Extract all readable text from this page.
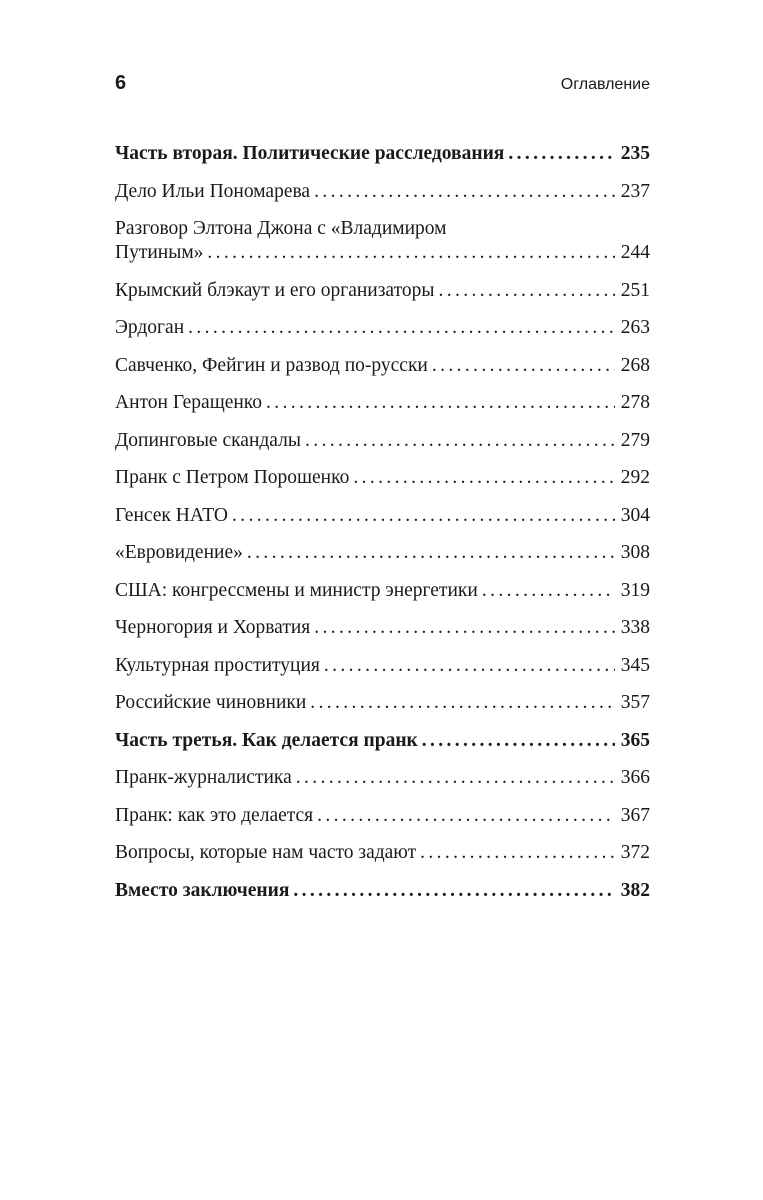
6	Оглавление
Часть вторая. Политические расследования . . .	235
Дело Ильи Пономарева . . .	237
Разговор Элтона Джона с «Владимиром
Путиным» . . .	244
Крымский блэкаут и его организаторы . . .	251
Эрдоган . . .	263
Савченко, Фейгин и развод по-русски . . .	268
Антон Геращенко . . .	278
Допинговые скандалы . . .	279
Пранк с Петром Порошенко . . .	292
Генсек НАТО . . .	304
«Евровидение» . . .	308
США: конгрессмены и министр энергетики . . .	319
Черногория и Хорватия . . .	338
Культурная проституция . . .	345
Российские чиновники . . .	357
Часть третья. Как делается пранк . . .	365
Пранк-журналистика . . .	366
Пранк: как это делается . . .	367
Вопросы, которые нам часто задают . . .	372
Вместо заключения . . .	382
